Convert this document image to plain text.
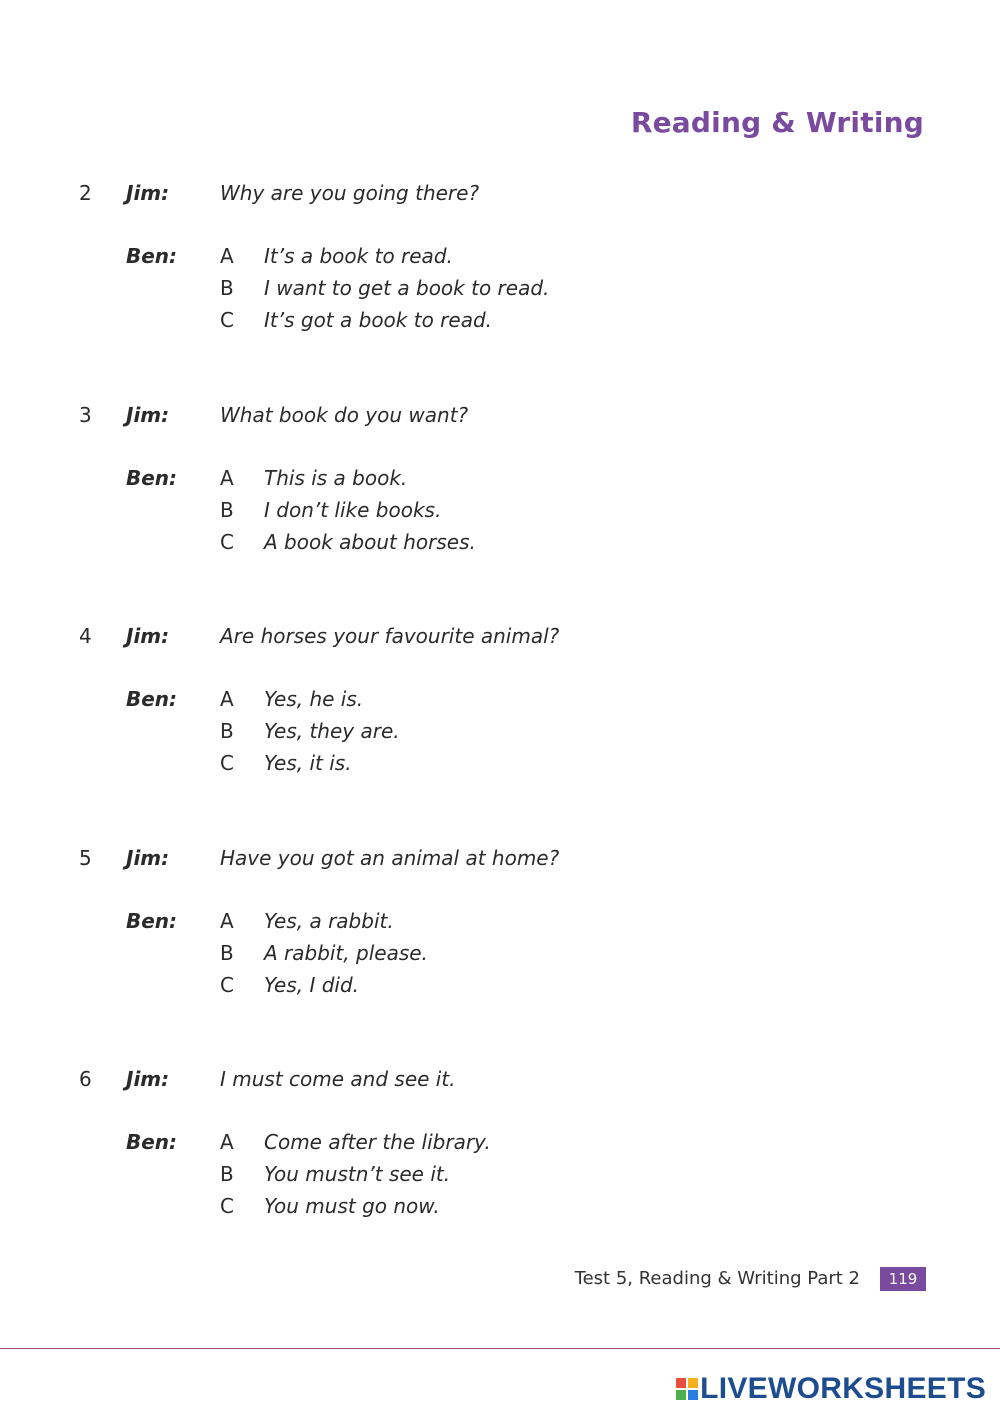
Reading & Writing
2 Jim:	Why are you going there?
Ben: A It’s a book to read.
B I want to get a book to read.
C It’s got a book to read.
3 Jim:	What book do you want?
Ben: A This is a book.
B I don’t like books.
C A book about horses.
4 Jim:	Are horses your favourite animal?
Ben: A Yes, he is.
B Yes, they are.
C Yes, it is.
5 Jim:	Have you got an animal at home?
Ben: A Yes, a rabbit.
B A rabbit, please.
C Yes, I did.
6 Jim:	I must come and see it.
Ben: A Come after the library.
B You mustn’t see it.
C You must go now.
Test 5, Reading & Writing Part 2	119
LIVEWORKSHEETS
